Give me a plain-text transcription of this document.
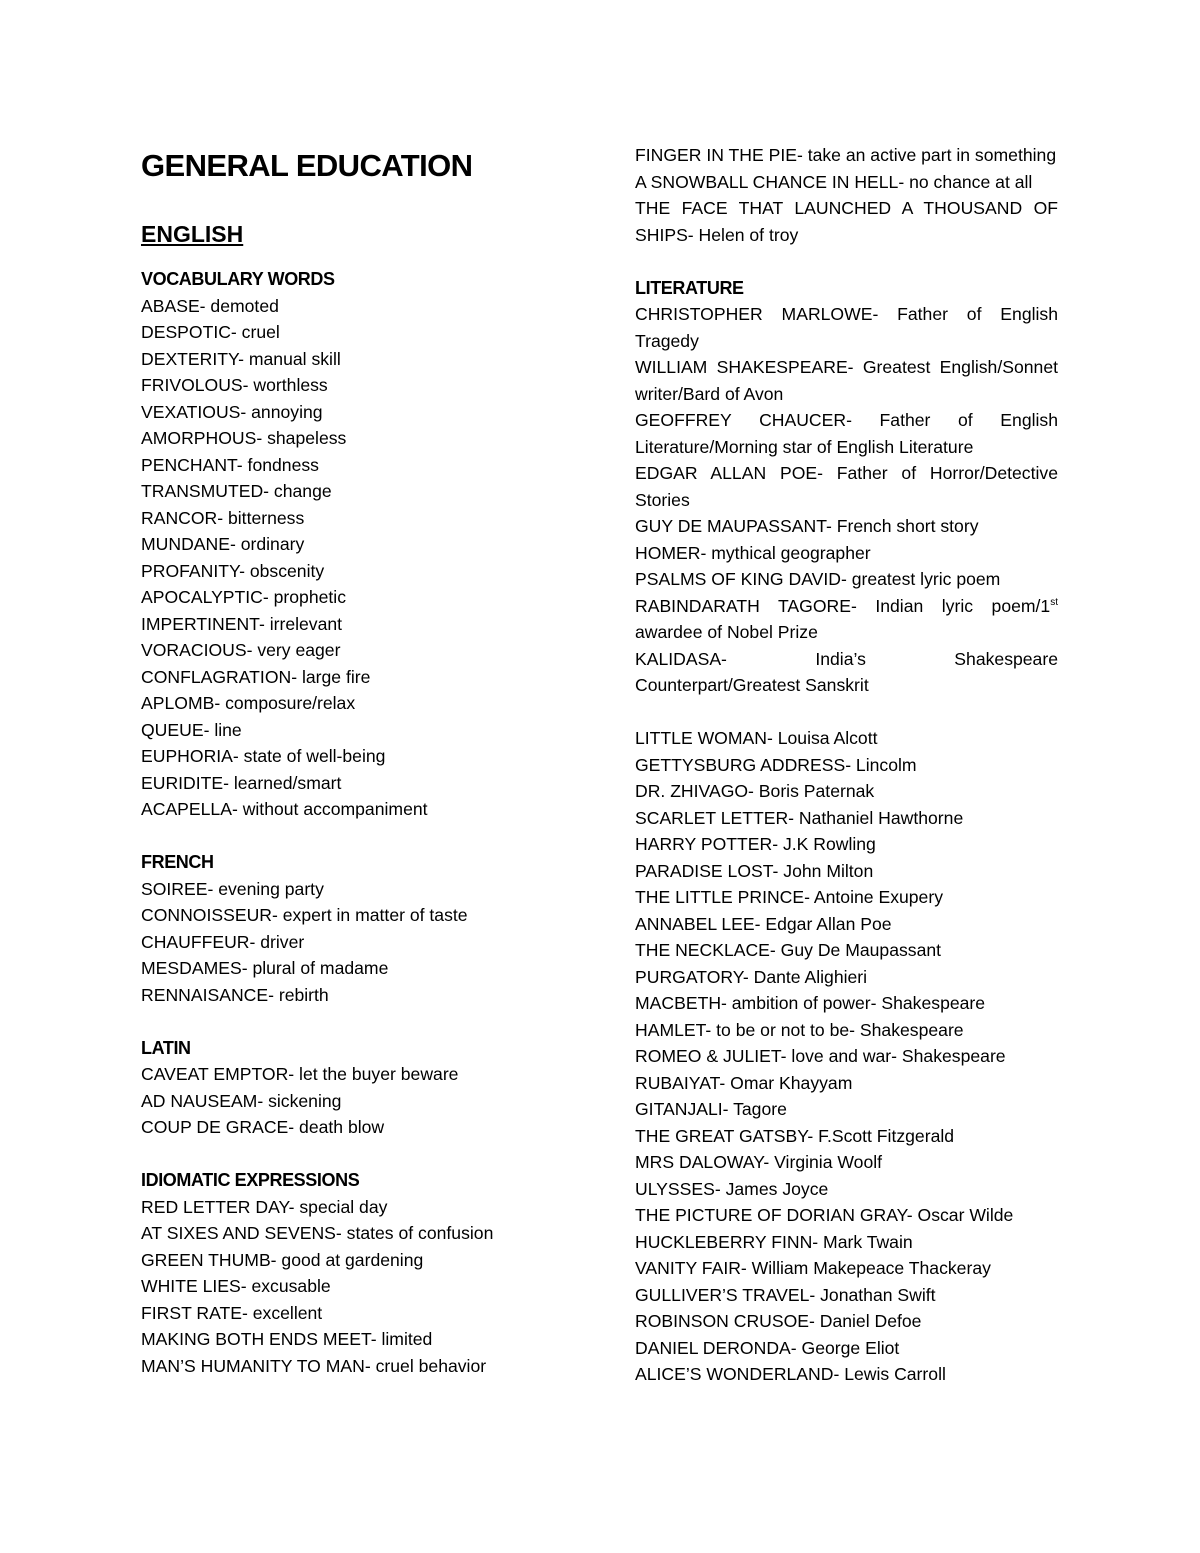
GENERAL EDUCATION
ENGLISH
VOCABULARY WORDS
ABASE- demoted
DESPOTIC- cruel
DEXTERITY- manual skill
FRIVOLOUS- worthless
VEXATIOUS- annoying
AMORPHOUS- shapeless
PENCHANT- fondness
TRANSMUTED- change
RANCOR- bitterness
MUNDANE- ordinary
PROFANITY- obscenity
APOCALYPTIC- prophetic
IMPERTINENT- irrelevant
VORACIOUS- very eager
CONFLAGRATION- large fire
APLOMB- composure/relax
QUEUE- line
EUPHORIA- state of well-being
EURIDITE- learned/smart
ACAPELLA- without accompaniment
FRENCH
SOIREE- evening party
CONNOISSEUR- expert in matter of taste
CHAUFFEUR- driver
MESDAMES- plural of madame
RENNAISANCE- rebirth
LATIN
CAVEAT EMPTOR- let the buyer beware
AD NAUSEAM- sickening
COUP DE GRACE- death blow
IDIOMATIC EXPRESSIONS
RED LETTER DAY- special day
AT SIXES AND SEVENS- states of confusion
GREEN THUMB- good at gardening
WHITE LIES- excusable
FIRST RATE- excellent
MAKING BOTH ENDS MEET- limited
MAN’S HUMANITY TO MAN- cruel behavior
FINGER IN THE PIE- take an active part in something
A SNOWBALL CHANCE IN HELL- no chance at all
THE FACE THAT LAUNCHED A THOUSAND OF SHIPS- Helen of troy
LITERATURE
CHRISTOPHER MARLOWE- Father of English Tragedy
WILLIAM SHAKESPEARE- Greatest English/Sonnet writer/Bard of Avon
GEOFFREY CHAUCER- Father of English Literature/Morning star of English Literature
EDGAR ALLAN POE- Father of Horror/Detective Stories
GUY DE MAUPASSANT- French short story
HOMER- mythical geographer
PSALMS OF KING DAVID- greatest lyric poem
RABINDARATH TAGORE- Indian lyric poem/1st awardee of Nobel Prize
KALIDASA- India’s Shakespeare Counterpart/Greatest Sanskrit
LITTLE WOMAN- Louisa Alcott
GETTYSBURG ADDRESS- Lincolm
DR. ZHIVAGO- Boris Paternak
SCARLET LETTER- Nathaniel Hawthorne
HARRY POTTER- J.K Rowling
PARADISE LOST- John Milton
THE LITTLE PRINCE- Antoine Exupery
ANNABEL LEE- Edgar Allan Poe
THE NECKLACE- Guy De Maupassant
PURGATORY- Dante Alighieri
MACBETH- ambition of power- Shakespeare
HAMLET- to be or not to be- Shakespeare
ROMEO & JULIET- love and war- Shakespeare
RUBAIYAT- Omar Khayyam
GITANJALI- Tagore
THE GREAT GATSBY- F.Scott Fitzgerald
MRS DALOWAY- Virginia Woolf
ULYSSES- James Joyce
THE PICTURE OF DORIAN GRAY- Oscar Wilde
HUCKLEBERRY FINN- Mark Twain
VANITY FAIR- William Makepeace Thackeray
GULLIVER’S TRAVEL- Jonathan Swift
ROBINSON CRUSOE- Daniel Defoe
DANIEL DERONDA- George Eliot
ALICE’S WONDERLAND- Lewis Carroll
